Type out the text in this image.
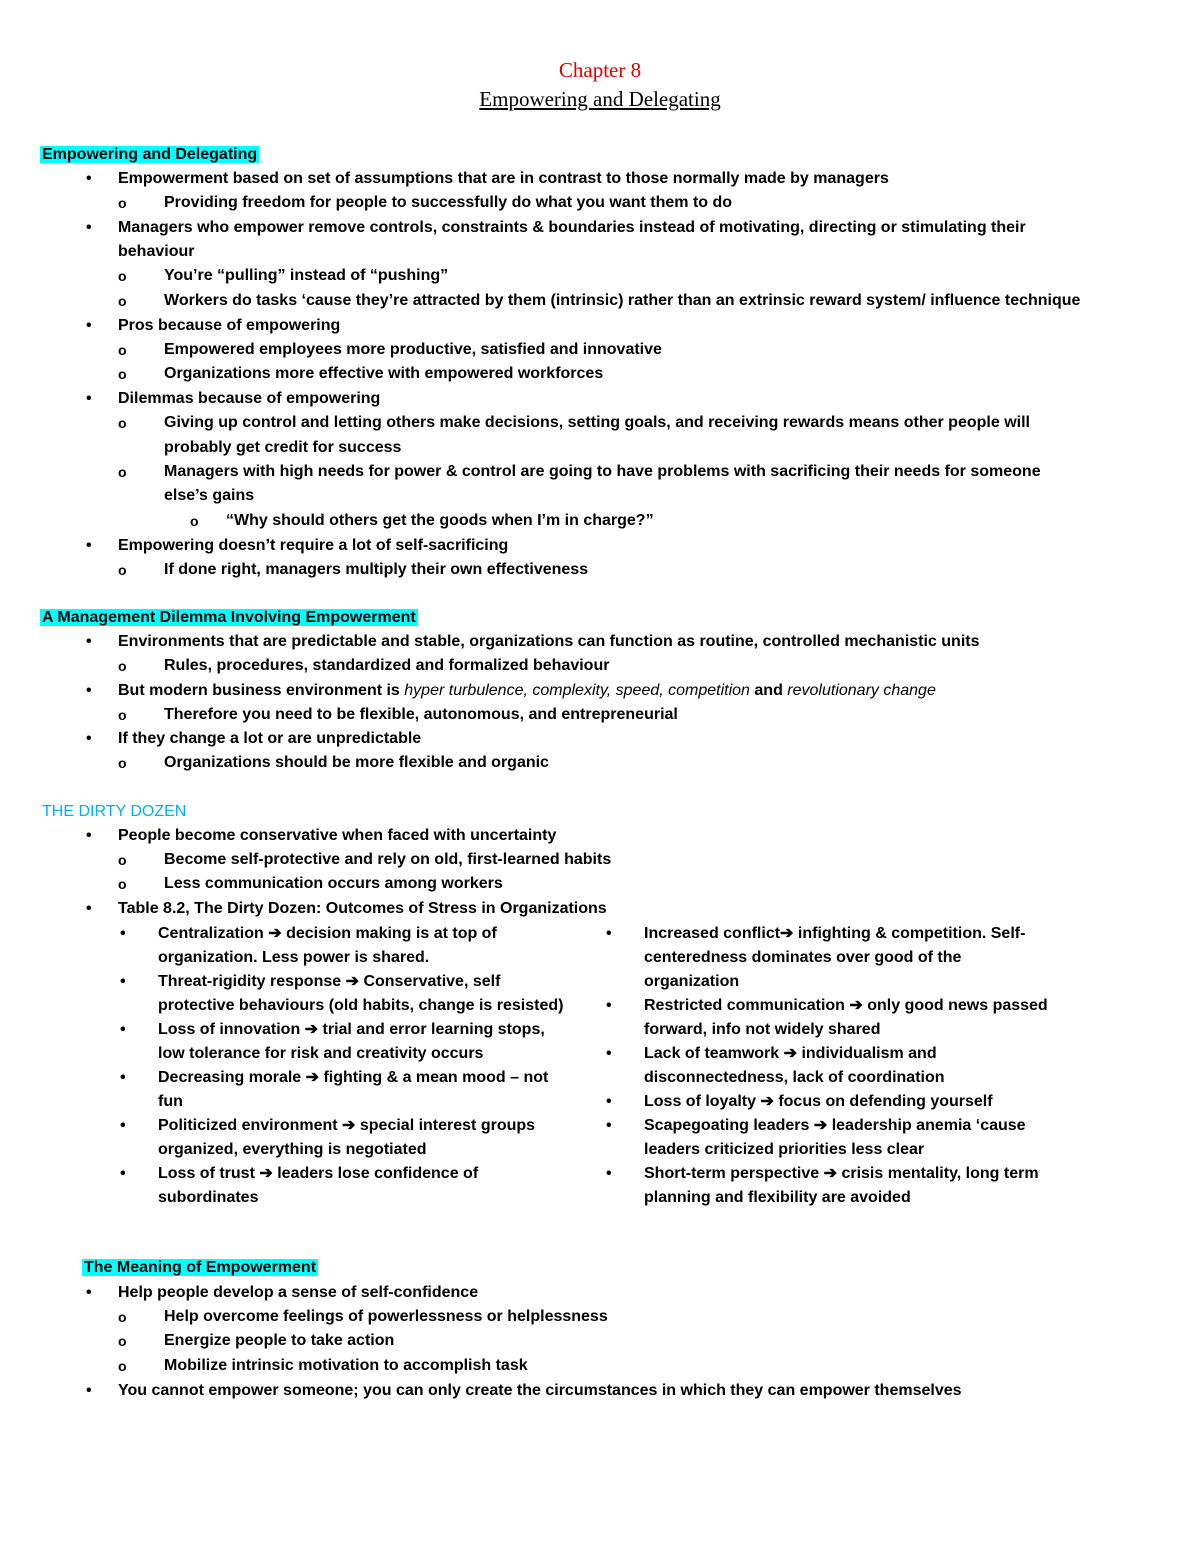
Chapter 8
Empowering and Delegating
Empowering and Delegating
• Empowerment based on set of assumptions that are in contrast to those normally made by managers
o Providing freedom for people to successfully do what you want them to do
• Managers who empower remove controls, constraints & boundaries instead of motivating, directing or stimulating their
behaviour
o You’re “pulling” instead of “pushing”
o Workers do tasks ‘cause they’re attracted by them (intrinsic) rather than an extrinsic reward system/ influence technique
• Pros because of empowering
o Empowered employees more productive, satisfied and innovative
o Organizations more effective with empowered workforces
• Dilemmas because of empowering
o Giving up control and letting others make decisions, setting goals, and receiving rewards means other people will
probably get credit for success
o Managers with high needs for power & control are going to have problems with sacrificing their needs for someone
else’s gains
o “Why should others get the goods when I’m in charge?”
• Empowering doesn’t require a lot of self-sacrificing
o If done right, managers multiply their own effectiveness
A Management Dilemma Involving Empowerment
• Environments that are predictable and stable, organizations can function as routine, controlled mechanistic units
o Rules, procedures, standardized and formalized behaviour
• But modern business environment is hyper turbulence, complexity, speed, competition and revolutionary change
o Therefore you need to be flexible, autonomous, and entrepreneurial
• If they change a lot or are unpredictable
o Organizations should be more flexible and organic
THE DIRTY DOZEN
• People become conservative when faced with uncertainty
o Become self-protective and rely on old, first-learned habits
o Less communication occurs among workers
• Table 8.2, The Dirty Dozen: Outcomes of Stress in Organizations
The Meaning of Empowerment
• Help people develop a sense of self-confidence
o Help overcome feelings of powerlessness or helplessness
o Energize people to take action
o Mobilize intrinsic motivation to accomplish task
• You cannot empower someone; you can only create the circumstances in which they can empower themselves
• Centralization ➔ decision making is at top of
organization. Less power is shared.
• Threat-rigidity response ➔ Conservative, self
protective behaviours (old habits, change is resisted)
• Loss of innovation ➔ trial and error learning stops,
low tolerance for risk and creativity occurs
• Decreasing morale ➔ fighting & a mean mood – not
fun
• Politicized environment ➔ special interest groups
organized, everything is negotiated
• Loss of trust ➔ leaders lose confidence of
subordinates
• Increased conflict➔ infighting & competition. Self-
centeredness dominates over good of the
organization
• Restricted communication ➔ only good news passed
forward, info not widely shared
• Lack of teamwork ➔ individualism and
disconnectedness, lack of coordination
• Loss of loyalty ➔ focus on defending yourself
• Scapegoating leaders ➔ leadership anemia ‘cause
leaders criticized priorities less clear
• Short-term perspective ➔ crisis mentality, long term
planning and flexibility are avoided
